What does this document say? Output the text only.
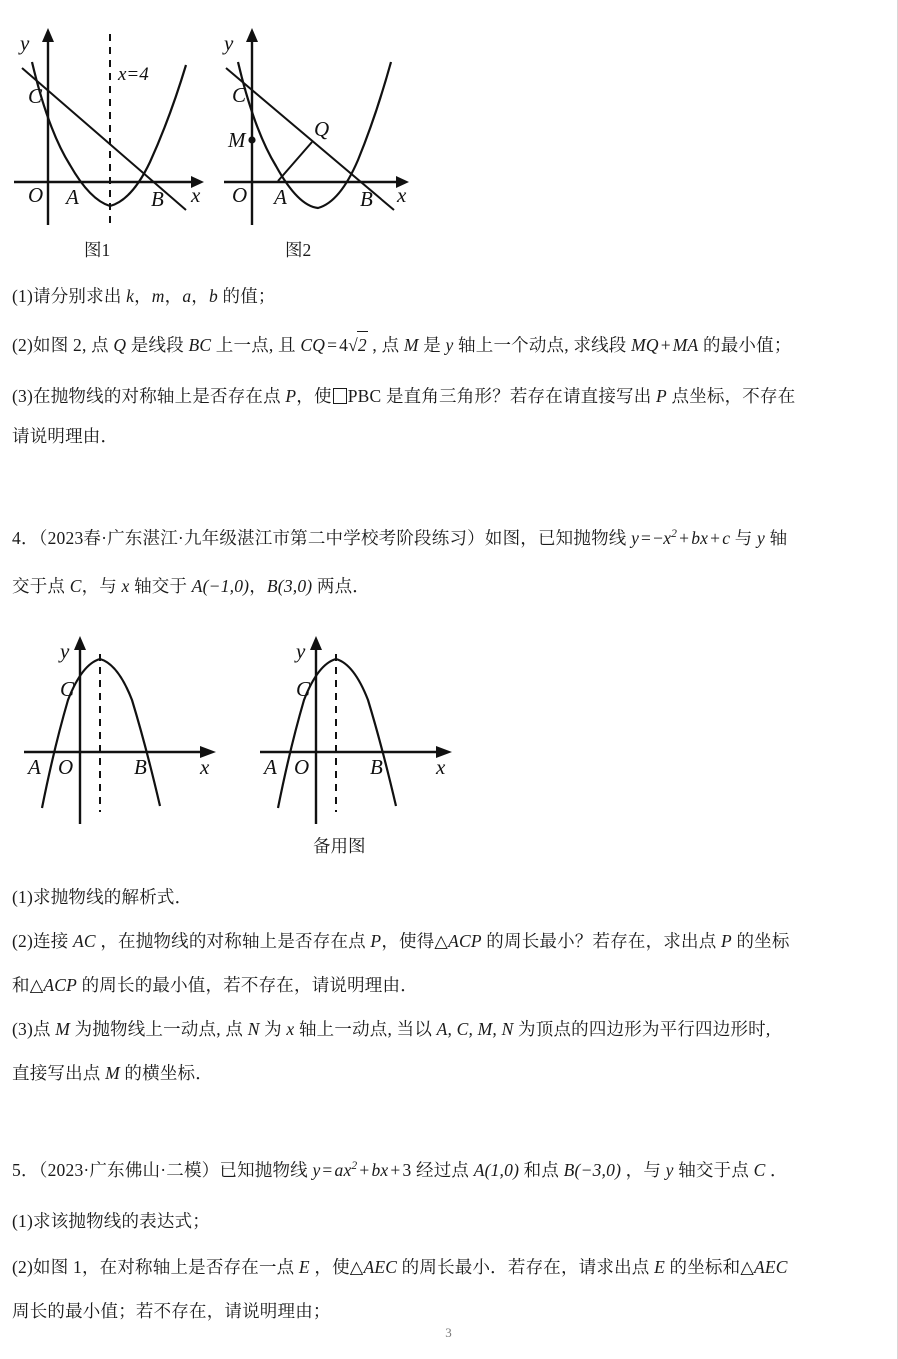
y
C
O A	B x
x=4
图1
y
C
M	Q
O A	B x
图2
(1)请分别求出 k，m，a，b 的值；
(2)如图 2, 点 Q 是线段 BC 上一点, 且 CQ = 4√2 , 点 M 是 y 轴上一个动点, 求线段 MQ + MA 的最小值；
(3)在抛物线的对称轴上是否存在点 P，使 PBC 是直角三角形？若存在请直接写出 P 点坐标，不存在
请说明理由．
4．（2023春·广东湛江·九年级湛江市第二中学校考阶段练习）如图，已知抛物线 $y = -x^2$ + bx + c 与 y 轴
交于点 C，与 x 轴交于 A(−1,0)，B(3,0) 两点．
y
C
A O	B	x
y
C
A O	B	x
备用图
(1)求抛物线的解析式．
(2)连接 AC ，在抛物线的对称轴上是否存在点 P，使得△ACP 的周长最小？若存在，求出点 P 的坐标
和△ACP 的周长的最小值，若不存在，请说明理由．
(3)点 M 为抛物线上一动点, 点 N 为 x 轴上一动点, 当以 A, C, M, N 为顶点的四边形为平行四边形时,
直接写出点 M 的横坐标．
5．（2023·广东佛山·二模）已知抛物线 $y = ax^2$ + bx + 3 经过点 A(1,0) 和点 B(−3,0) ，与 y 轴交于点 C ．
(1)求该抛物线的表达式；
(2)如图 1，在对称轴上是否存在一点 E ，使△AEC 的周长最小．若存在，请求出点 E 的坐标和△AEC
周长的最小值；若不存在，请说明理由；
3
